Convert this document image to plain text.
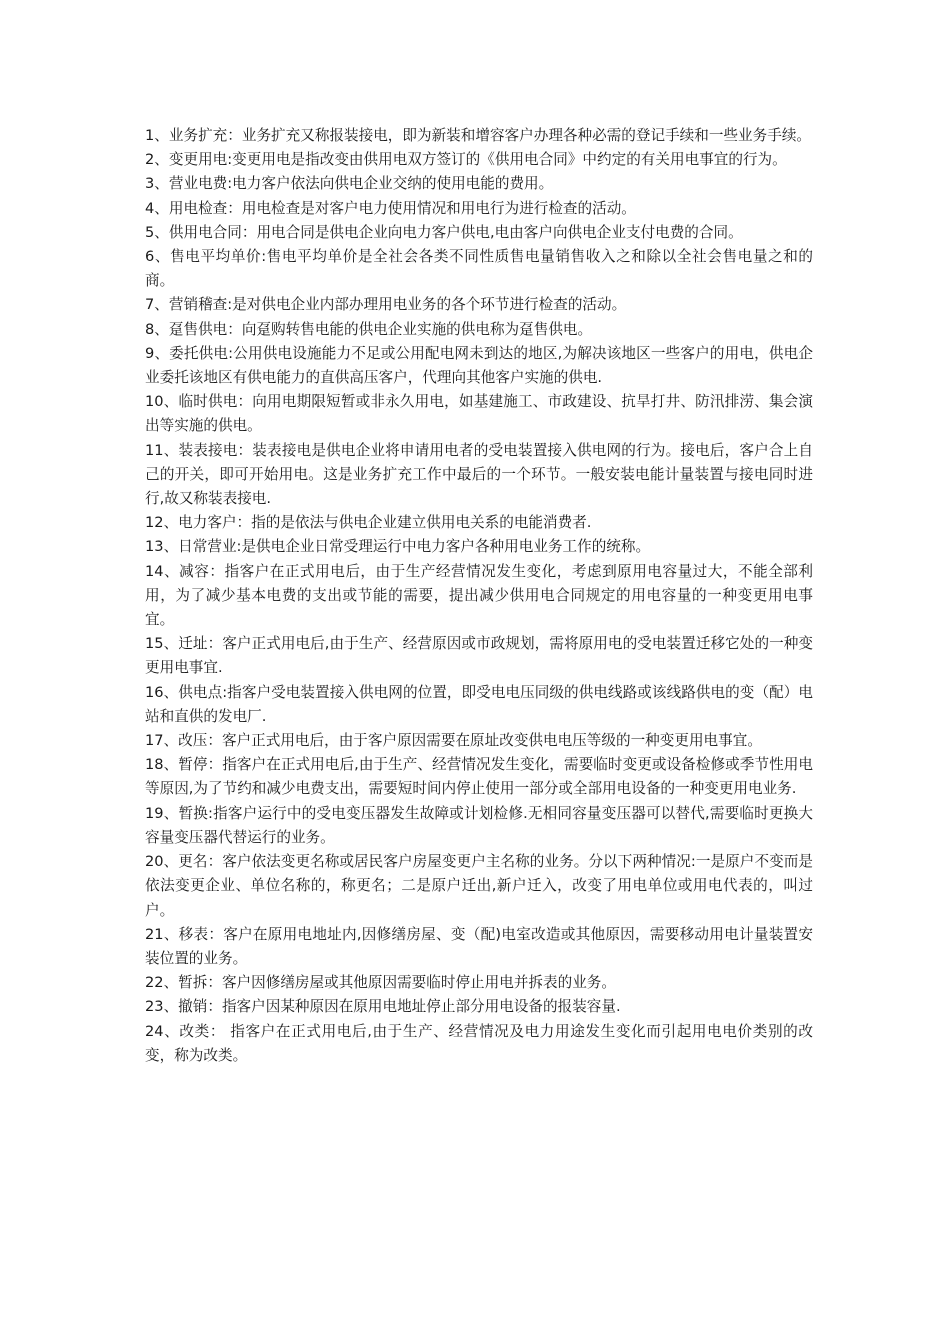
1、业务扩充：业务扩充又称报装接电，即为新装和增容客户办理各种必需的登记手续和一些业务手续。

2、变更用电:变更用电是指改变由供用电双方签订的《供用电合同》中约定的有关用电事宜的行为。

3、营业电费:电力客户依法向供电企业交纳的使用电能的费用。

4、用电检查：用电检查是对客户电力使用情况和用电行为进行检查的活动。

5、供用电合同：用电合同是供电企业向电力客户供电,电由客户向供电企业支付电费的合同。

6、售电平均单价:售电平均单价是全社会各类不同性质售电量销售收入之和除以全社会售电量之和的商。

7、营销稽查:是对供电企业内部办理用电业务的各个环节进行检查的活动。

8、趸售供电：向趸购转售电能的供电企业实施的供电称为趸售供电。

9、委托供电:公用供电设施能力不足或公用配电网未到达的地区,为解决该地区一些客户的用电，供电企业委托该地区有供电能力的直供高压客户，代理向其他客户实施的供电.

10、临时供电：向用电期限短暂或非永久用电，如基建施工、市政建设、抗旱打井、防汛排涝、集会演出等实施的供电。

11、装表接电：装表接电是供电企业将申请用电者的受电装置接入供电网的行为。接电后，客户合上自己的开关，即可开始用电。这是业务扩充工作中最后的一个环节。一般安装电能计量装置与接电同时进行,故又称装表接电.

12、电力客户：指的是依法与供电企业建立供用电关系的电能消费者.

13、日常营业:是供电企业日常受理运行中电力客户各种用电业务工作的统称。

14、减容：指客户在正式用电后，由于生产经营情况发生变化，考虑到原用电容量过大，不能全部利用，为了减少基本电费的支出或节能的需要，提出减少供用电合同规定的用电容量的一种变更用电事宜。

15、迁址：客户正式用电后,由于生产、经营原因或市政规划，需将原用电的受电装置迁移它处的一种变更用电事宜.

16、供电点:指客户受电装置接入供电网的位置，即受电电压同级的供电线路或该线路供电的变（配）电站和直供的发电厂.

17、改压：客户正式用电后，由于客户原因需要在原址改变供电电压等级的一种变更用电事宜。

18、暂停：指客户在正式用电后,由于生产、经营情况发生变化，需要临时变更或设备检修或季节性用电等原因,为了节约和减少电费支出，需要短时间内停止使用一部分或全部用电设备的一种变更用电业务.

19、暂换:指客户运行中的受电变压器发生故障或计划检修.无相同容量变压器可以替代,需要临时更换大容量变压器代替运行的业务。

20、更名：客户依法变更名称或居民客户房屋变更户主名称的业务。分以下两种情况:一是原户不变而是依法变更企业、单位名称的，称更名；二是原户迁出,新户迁入，改变了用电单位或用电代表的，叫过户。

21、移表：客户在原用电地址内,因修缮房屋、变（配)电室改造或其他原因，需要移动用电计量装置安装位置的业务。

22、暂拆：客户因修缮房屋或其他原因需要临时停止用电并拆表的业务。

23、撤销：指客户因某种原因在原用电地址停止部分用电设备的报装容量.

24、改类： 指客户在正式用电后,由于生产、经营情况及电力用途发生变化而引起用电电价类别的改变，称为改类。
